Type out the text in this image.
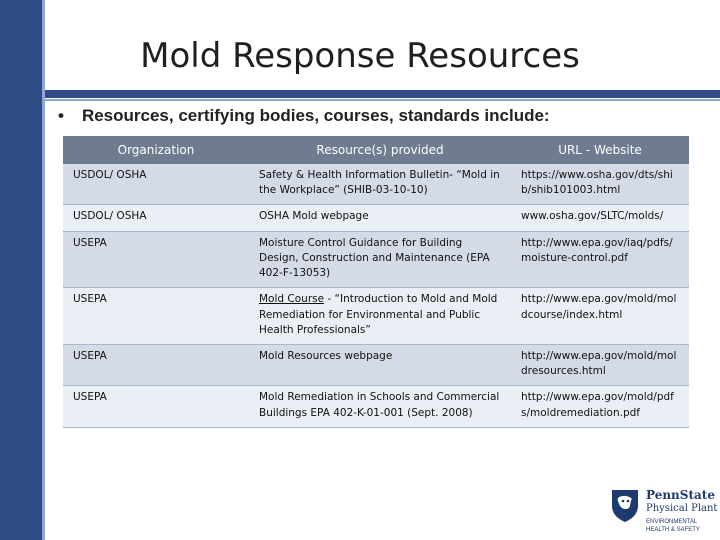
Mold Response Resources
• Resources, certifying bodies, courses, standards include:
Organization	Resource(s) provided	URL - Website
USDOL/ OSHA	Safety & Health Information Bulletin- “Mold in the Workplace” (SHIB-03-10-10)	https://www.osha.gov/dts/shib/shib101003.html
USDOL/ OSHA	OSHA Mold webpage	www.osha.gov/SLTC/molds/
USEPA	Moisture Control Guidance for Building Design, Construction and Maintenance (EPA 402-F-13053)	http://www.epa.gov/iaq/pdfs/moisture-control.pdf
USEPA	Mold Course - “Introduction to Mold and Mold Remediation for Environmental and Public Health Professionals”	http://www.epa.gov/mold/moldcourse/index.html
USEPA	Mold Resources webpage	http://www.epa.gov/mold/moldresources.html
USEPA	Mold Remediation in Schools and Commercial Buildings EPA 402-K-01-001 (Sept. 2008)	http://www.epa.gov/mold/pdfs/moldremediation.pdf
PennState
Physical Plant
ENVIRONMENTAL HEALTH & SAFETY
